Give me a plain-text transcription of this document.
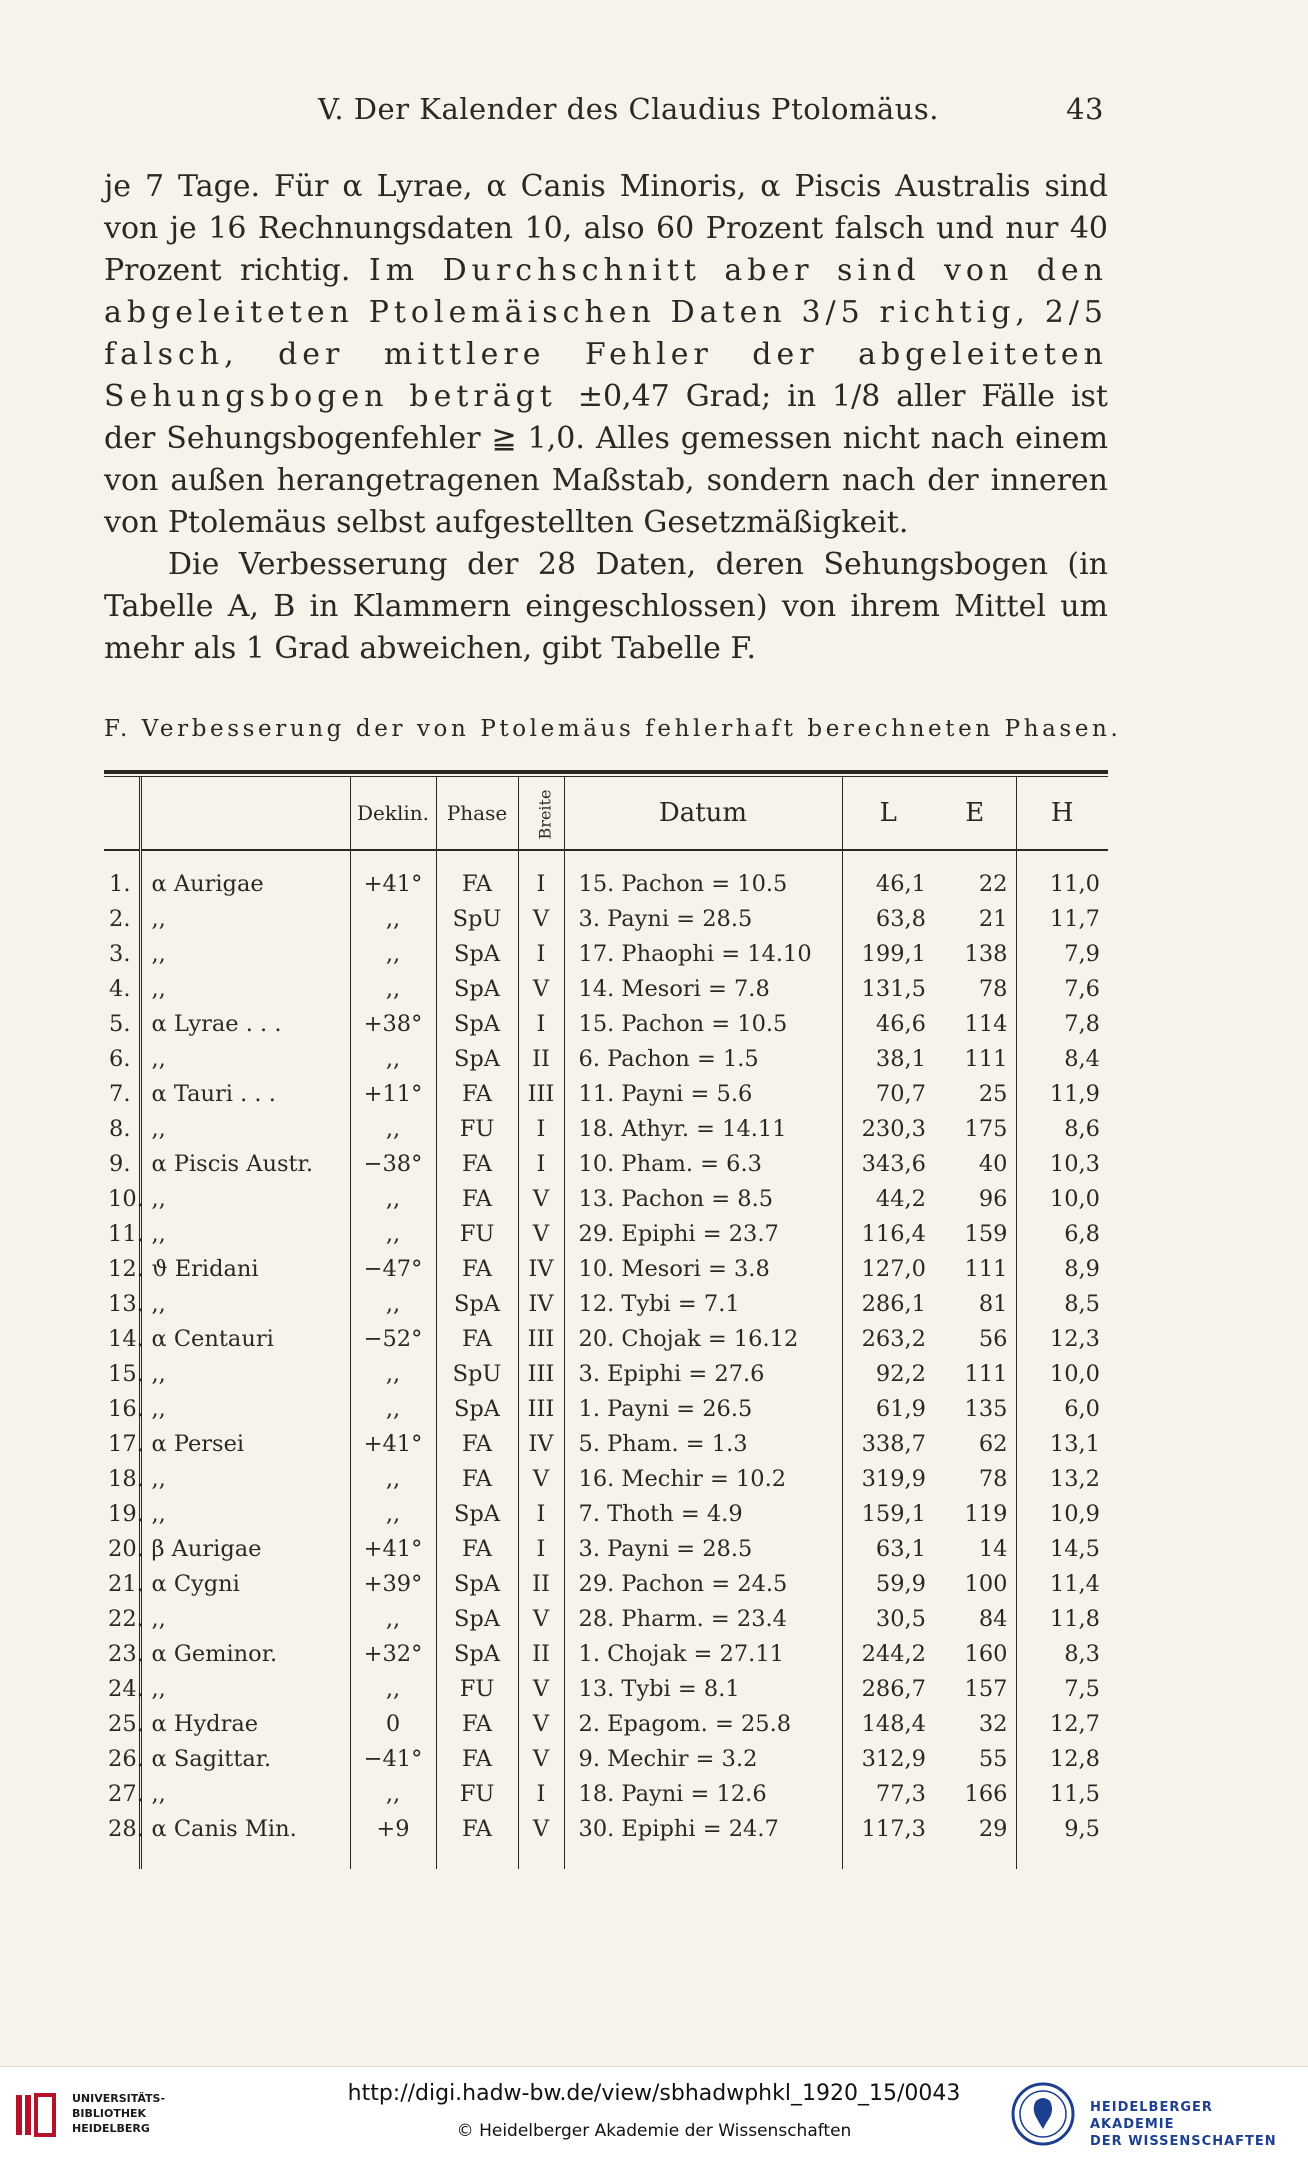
V. Der Kalender des Claudius Ptolomäus.	43

je 7 Tage. Für α Lyrae, α Canis Minoris, α Piscis Australis sind von je 16 Rechnungsdaten 10, also 60 Prozent falsch und nur 40 Prozent richtig. Im Durchschnitt aber sind von den abgeleiteten Ptolemäischen Daten 3/5 richtig, 2/5 falsch, der mittlere Fehler der abgeleiteten Sehungsbogen beträgt ±0,47 Grad; in 1/8 aller Fälle ist der Sehungsbogenfehler ≧ 1,0. Alles gemessen nicht nach einem von außen herangetragenen Maßstab, sondern nach der inneren von Ptolemäus selbst aufgestellten Gesetzmäßigkeit.

Die Verbesserung der 28 Daten, deren Sehungsbogen (in Tabelle A, B in Klammern eingeschlossen) von ihrem Mittel um mehr als 1 Grad abweichen, gibt Tabelle F.

F. Verbesserung der von Ptolemäus fehlerhaft berechneten Phasen.
		Deklin.	Phase	Breite	Datum	L	E	H
1.	α Aurigae	+41°	FA	I	15. Pachon = 10.5	46,1	22	11,0
2.	,,	,,	SpU	V	3. Payni = 28.5	63,8	21	11,7
3.	,,	,,	SpA	I	17. Phaophi = 14.10	199,1	138	7,9
4.	,,	,,	SpA	V	14. Mesori = 7.8	131,5	78	7,6
5.	α Lyrae . . .	+38°	SpA	I	15. Pachon = 10.5	46,6	114	7,8
6.	,,	,,	SpA	II	6. Pachon = 1.5	38,1	111	8,4
7.	α Tauri . . .	+11°	FA	III	11. Payni = 5.6	70,7	25	11,9
8.	,,	,,	FU	I	18. Athyr. = 14.11	230,3	175	8,6
9.	α Piscis Austr.	−38°	FA	I	10. Pham. = 6.3	343,6	40	10,3
10.	,,	,,	FA	V	13. Pachon = 8.5	44,2	96	10,0
11.	,,	,,	FU	V	29. Epiphi = 23.7	116,4	159	6,8
12.	ϑ Eridani	−47°	FA	IV	10. Mesori = 3.8	127,0	111	8,9
13.	,,	,,	SpA	IV	12. Tybi = 7.1	286,1	81	8,5
14.	α Centauri	−52°	FA	III	20. Chojak = 16.12	263,2	56	12,3
15.	,,	,,	SpU	III	3. Epiphi = 27.6	92,2	111	10,0
16.	,,	,,	SpA	III	1. Payni = 26.5	61,9	135	6,0
17.	α Persei	+41°	FA	IV	5. Pham. = 1.3	338,7	62	13,1
18.	,,	,,	FA	V	16. Mechir = 10.2	319,9	78	13,2
19.	,,	,,	SpA	I	7. Thoth = 4.9	159,1	119	10,9
20.	β Aurigae	+41°	FA	I	3. Payni = 28.5	63,1	14	14,5
21.	α Cygni	+39°	SpA	II	29. Pachon = 24.5	59,9	100	11,4
22.	,,	,,	SpA	V	28. Pharm. = 23.4	30,5	84	11,8
23.	α Geminor.	+32°	SpA	II	1. Chojak = 27.11	244,2	160	8,3
24.	,,	,,	FU	V	13. Tybi = 8.1	286,7	157	7,5
25.	α Hydrae	0	FA	V	2. Epagom. = 25.8	148,4	32	12,7
26.	α Sagittar.	−41°	FA	V	9. Mechir = 3.2	312,9	55	12,8
27.	,,	,,	FU	I	18. Payni = 12.6	77,3	166	11,5
28.	α Canis Min.	+9	FA	V	30. Epiphi = 24.7	117,3	29	9,5
UNIVERSITÄTS-
BIBLIOTHEK
HEIDELBERG
http://digi.hadw-bw.de/view/sbhadwphkl_1920_15/0043
© Heidelberger Akademie der Wissenschaften
HEIDELBERGER AKADEMIE
DER WISSENSCHAFTEN
